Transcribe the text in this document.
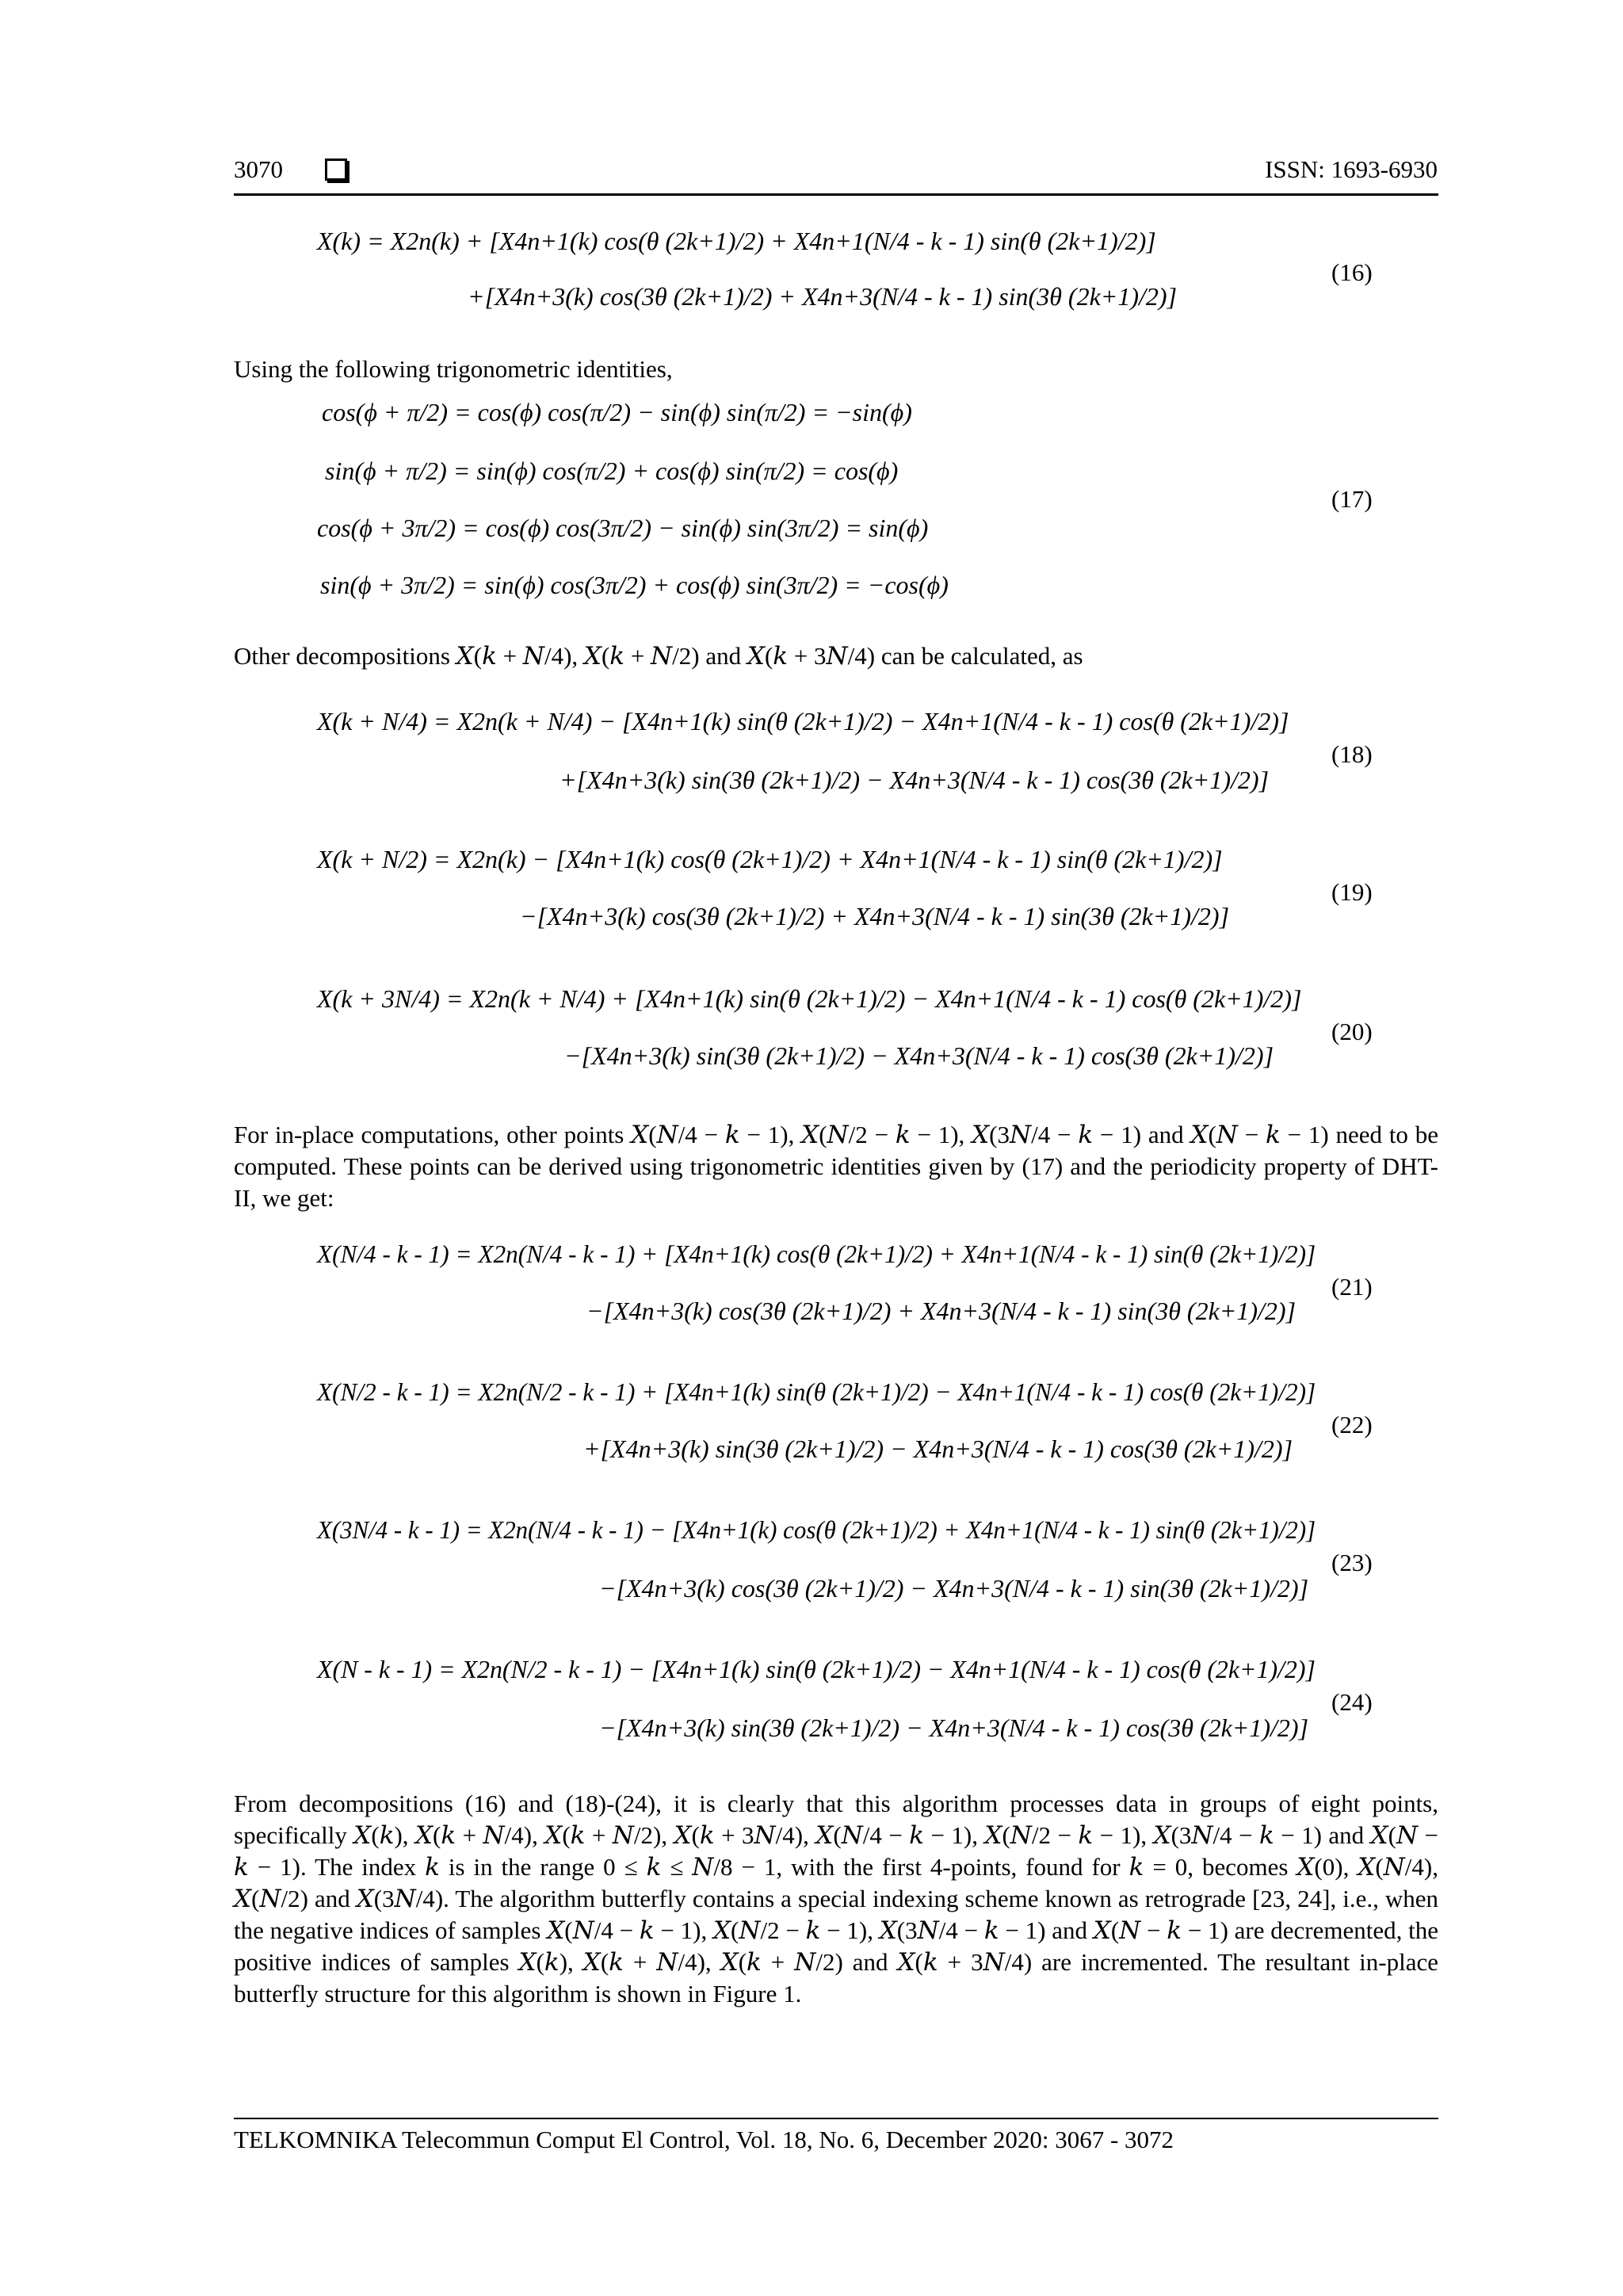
3070	ISSN: 1693-6930
X(k) = X2n(k) + [X4n+1(k) cos(θ (2k+1)/2) + X4n+1(N/4 - k - 1) sin(θ (2k+1)/2)]
+[X4n+3(k) cos(3θ (2k+1)/2) + X4n+3(N/4 - k - 1) sin(3θ (2k+1)/2)]
(16)
Using the following trigonometric identities,
cos(ϕ + π/2) = cos(ϕ) cos(π/2) − sin(ϕ) sin(π/2) = −sin(ϕ)
sin(ϕ + π/2) = sin(ϕ) cos(π/2) + cos(ϕ) sin(π/2) = cos(ϕ)
cos(ϕ + 3π/2) = cos(ϕ) cos(3π/2) − sin(ϕ) sin(3π/2) = sin(ϕ)
sin(ϕ + 3π/2) = sin(ϕ) cos(3π/2) + cos(ϕ) sin(3π/2) = −cos(ϕ)
(17)
Other decompositions 𝑋(𝑘 + 𝑁/4), 𝑋(𝑘 + 𝑁/2) and 𝑋(𝑘 + 3𝑁/4) can be calculated, as
X(k + N/4) = X2n(k + N/4) − [X4n+1(k) sin(θ (2k+1)/2) − X4n+1(N/4 - k - 1) cos(θ (2k+1)/2)]
+[X4n+3(k) sin(3θ (2k+1)/2) − X4n+3(N/4 - k - 1) cos(3θ (2k+1)/2)]
(18)
X(k + N/2) = X2n(k) − [X4n+1(k) cos(θ (2k+1)/2) + X4n+1(N/4 - k - 1) sin(θ (2k+1)/2)]
−[X4n+3(k) cos(3θ (2k+1)/2) + X4n+3(N/4 - k - 1) sin(3θ (2k+1)/2)]
(19)
X(k + 3N/4) = X2n(k + N/4) + [X4n+1(k) sin(θ (2k+1)/2) − X4n+1(N/4 - k - 1) cos(θ (2k+1)/2)]
−[X4n+3(k) sin(3θ (2k+1)/2) − X4n+3(N/4 - k - 1) cos(3θ (2k+1)/2)]
(20)
For in-place computations, other points 𝑋(𝑁/4 − 𝑘 − 1), 𝑋(𝑁/2 − 𝑘 − 1), 𝑋(3𝑁/4 − 𝑘 − 1) and 𝑋(𝑁 − 𝑘 − 1) need to be computed. These points can be derived using trigonometric identities given by (17) and the periodicity property of DHT-II, we get:
X(N/4 - k - 1) = X2n(N/4 - k - 1) + [X4n+1(k) cos(θ (2k+1)/2) + X4n+1(N/4 - k - 1) sin(θ (2k+1)/2)]
−[X4n+3(k) cos(3θ (2k+1)/2) + X4n+3(N/4 - k - 1) sin(3θ (2k+1)/2)]
(21)
X(N/2 - k - 1) = X2n(N/2 - k - 1) + [X4n+1(k) sin(θ (2k+1)/2) − X4n+1(N/4 - k - 1) cos(θ (2k+1)/2)]
+[X4n+3(k) sin(3θ (2k+1)/2) − X4n+3(N/4 - k - 1) cos(3θ (2k+1)/2)]
(22)
X(3N/4 - k - 1) = X2n(N/4 - k - 1) − [X4n+1(k) cos(θ (2k+1)/2) + X4n+1(N/4 - k - 1) sin(θ (2k+1)/2)]
−[X4n+3(k) cos(3θ (2k+1)/2) − X4n+3(N/4 - k - 1) sin(3θ (2k+1)/2)]
(23)
X(N - k - 1) = X2n(N/2 - k - 1) − [X4n+1(k) sin(θ (2k+1)/2) − X4n+1(N/4 - k - 1) cos(θ (2k+1)/2)]
−[X4n+3(k) sin(3θ (2k+1)/2) − X4n+3(N/4 - k - 1) cos(3θ (2k+1)/2)]
(24)
From decompositions (16) and (18)-(24), it is clearly that this algorithm processes data in groups of eight points, specifically 𝑋(𝑘), 𝑋(𝑘 + 𝑁/4), 𝑋(𝑘 + 𝑁/2), 𝑋(𝑘 + 3𝑁/4), 𝑋(𝑁/4 − 𝑘 − 1), 𝑋(𝑁/2 − 𝑘 − 1), 𝑋(3𝑁/4 − 𝑘 − 1) and 𝑋(𝑁 − 𝑘 − 1). The index 𝑘 is in the range 0 ≤ 𝑘 ≤ 𝑁/8 − 1, with the first 4-points, found for 𝑘 = 0, becomes 𝑋(0), 𝑋(𝑁/4), 𝑋(𝑁/2) and 𝑋(3𝑁/4). The algorithm butterfly contains a special indexing scheme known as retrograde [23, 24], i.e., when the negative indices of samples 𝑋(𝑁/4 − 𝑘 − 1), 𝑋(𝑁/2 − 𝑘 − 1), 𝑋(3𝑁/4 − 𝑘 − 1) and 𝑋(𝑁 − 𝑘 − 1) are decremented, the positive indices of samples 𝑋(𝑘), 𝑋(𝑘 + 𝑁/4), 𝑋(𝑘 + 𝑁/2) and 𝑋(𝑘 + 3𝑁/4) are incremented. The resultant in-place butterfly structure for this algorithm is shown in Figure 1.
TELKOMNIKA Telecommun Comput El Control, Vol. 18, No. 6, December 2020: 3067 - 3072
